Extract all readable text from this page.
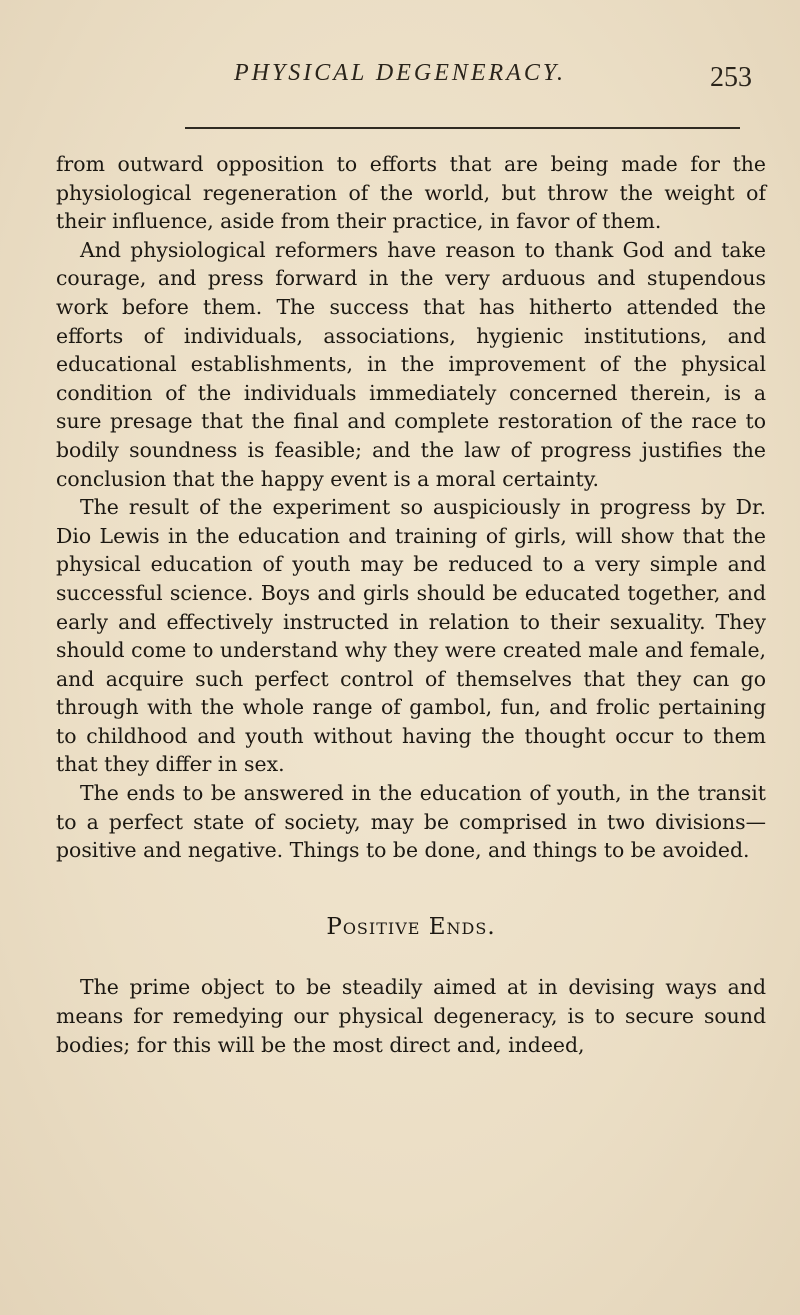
PHYSICAL DEGENERACY.	253

from outward opposition to efforts that are being made for the physiological regeneration of the world, but throw the weight of their influence, aside from their practice, in favor of them.

And physiological reformers have reason to thank God and take courage, and press forward in the very arduous and stupendous work before them. The success that has hitherto attended the efforts of individuals, associations, hygienic institutions, and educational establishments, in the improvement of the physical condition of the individuals immediately concerned therein, is a sure presage that the final and complete restoration of the race to bodily soundness is feasible; and the law of progress justifies the conclusion that the happy event is a moral certainty.

The result of the experiment so auspiciously in progress by Dr. Dio Lewis in the education and training of girls, will show that the physical education of youth may be reduced to a very simple and successful science. Boys and girls should be educated together, and early and effectively instructed in relation to their sexuality. They should come to understand why they were created male and female, and acquire such perfect control of themselves that they can go through with the whole range of gambol, fun, and frolic pertaining to childhood and youth without having the thought occur to them that they differ in sex.

The ends to be answered in the education of youth, in the transit to a perfect state of society, may be comprised in two divisions—positive and negative. Things to be done, and things to be avoided.

Positive Ends.

The prime object to be steadily aimed at in devising ways and means for remedying our physical degeneracy, is to secure sound bodies; for this will be the most direct and, indeed,
